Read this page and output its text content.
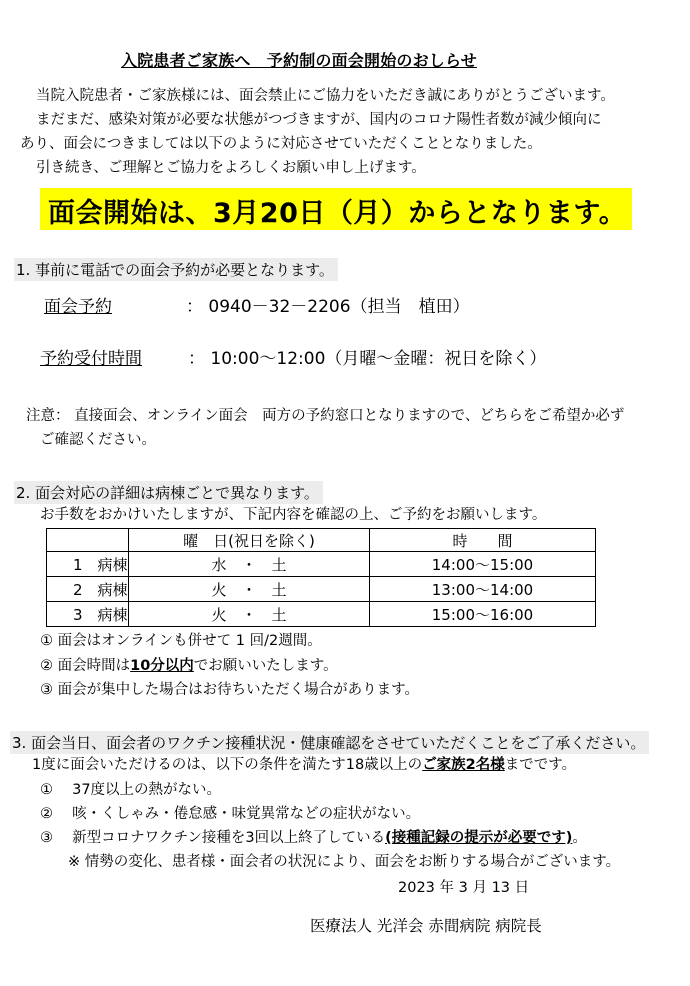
入院患者ご家族へ　予約制の面会開始のおしらせ
当院入院患者・ご家族様には、面会禁止にご協力をいただき誠にありがとうございます。
まだまだ、感染対策が必要な状態がつづきますが、国内のコロナ陽性者数が減少傾向に
あり、面会につきましては以下のように対応させていただくこととなりました。
引き続き、ご理解とご協力をよろしくお願い申し上げます。
面会開始は、3月20日（月）からとなります。
1. 事前に電話での面会予約が必要となります。
面会予約	： 0940－32－2206（担当　植田）
予約受付時間	： 10:00～12:00（月曜～金曜：祝日を除く）
注意： 直接面会、オンライン面会　両方の予約窓口となりますので、どちらをご希望か必ず
ご確認ください。
2. 面会対応の詳細は病棟ごとで異なります。
お手数をおかけいたしますが、下記内容を確認の上、ご予約をお願いします。
	曜　日(祝日を除く)	時　　間
1　病棟	水　・　土	14:00～15:00
2　病棟	火　・　土	13:00～14:00
3　病棟	火　・　土	15:00～16:00
① 面会はオンラインも併せて 1 回/2週間。
② 面会時間は10分以内でお願いいたします。
③ 面会が集中した場合はお待ちいただく場合があります。
3. 面会当日、面会者のワクチン接種状況・健康確認をさせていただくことをご了承ください。
1度に面会いただけるのは、以下の条件を満たす18歳以上のご家族2名様までです。
①　 37度以上の熱がない。
②　 咳・くしゃみ・倦怠感・味覚異常などの症状がない。
③　 新型コロナワクチン接種を3回以上終了している(接種記録の提示が必要です)。
※ 情勢の変化、患者様・面会者の状況により、面会をお断りする場合がございます。
2023 年 3 月 13 日
医療法人 光洋会 赤間病院 病院長
